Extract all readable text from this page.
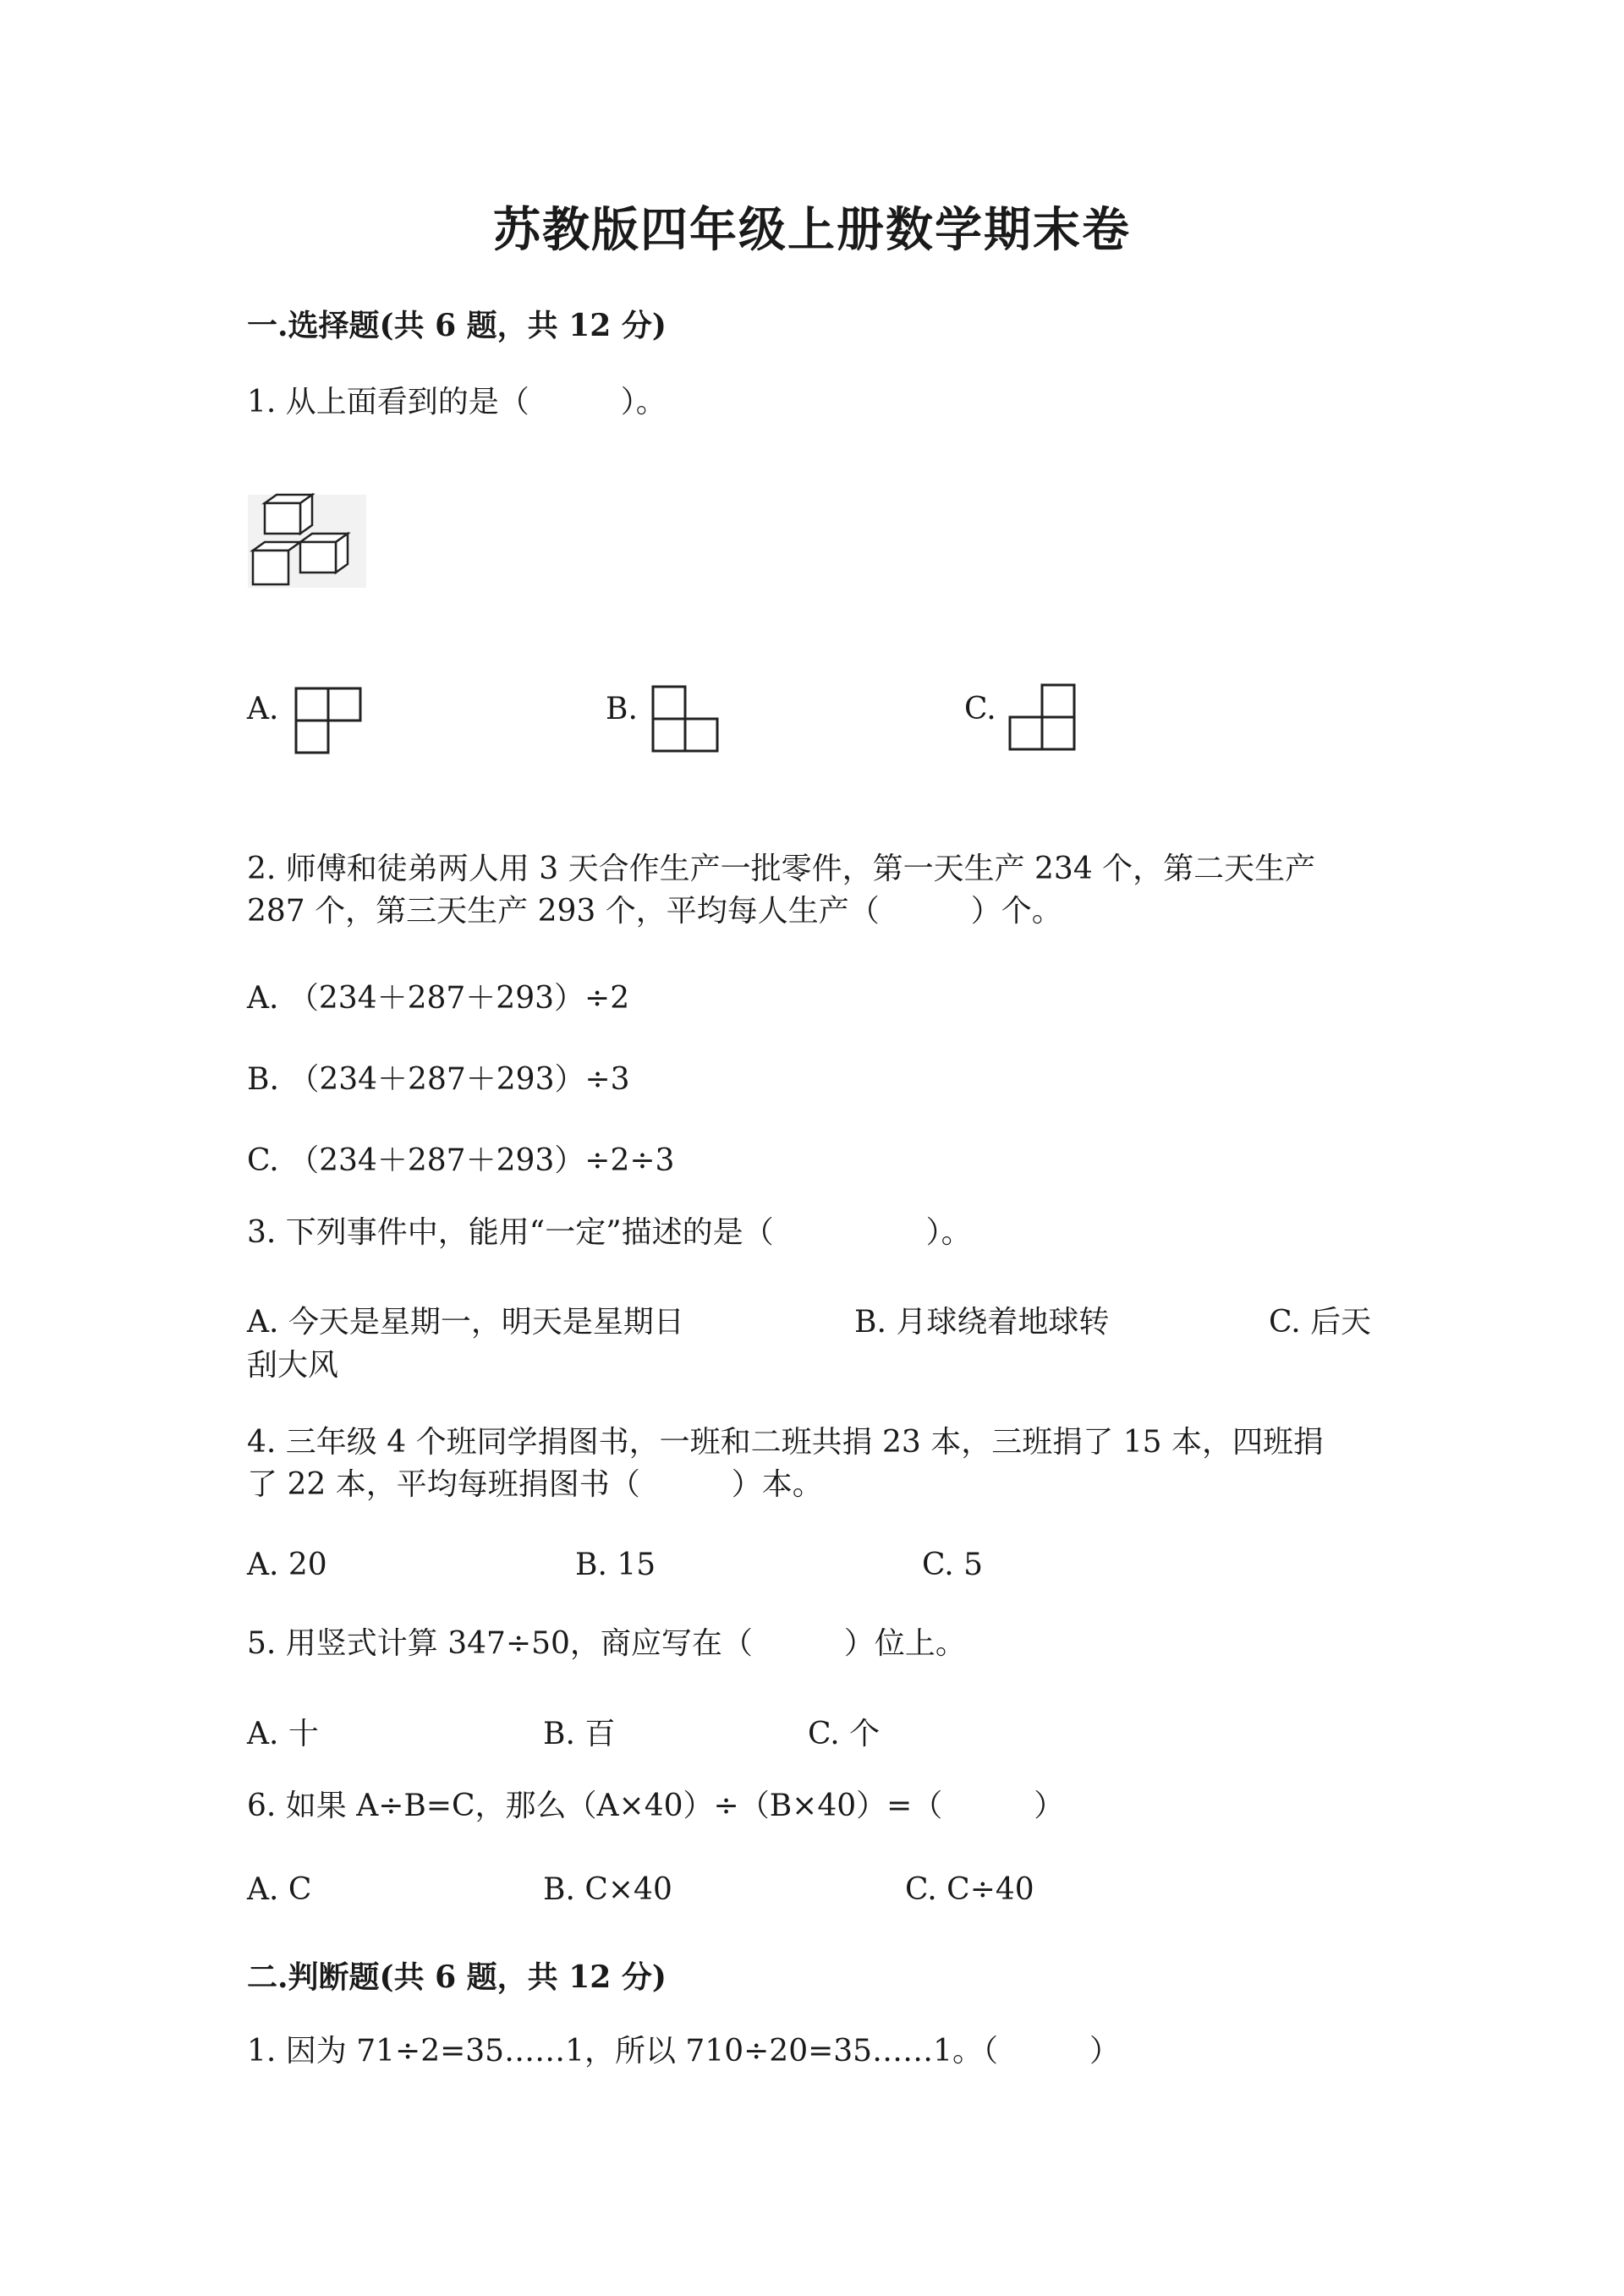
苏教版四年级上册数学期末卷
一.选择题(共 6 题，共 12 分)
1. 从上面看到的是（　　　）。
A.	B.	C.
2. 师傅和徒弟两人用 3 天合作生产一批零件，第一天生产 234 个，第二天生产
287 个，第三天生产 293 个，平均每人生产（　　　）个。
A. （234＋287＋293）÷2
B. （234＋287＋293）÷3
C. （234＋287＋293）÷2÷3
3. 下列事件中，能用“一定”描述的是（　　　　　）。
A. 今天是星期一，明天是星期日	B. 月球绕着地球转	C. 后天
刮大风
4. 三年级 4 个班同学捐图书，一班和二班共捐 23 本，三班捐了 15 本，四班捐
了 22 本，平均每班捐图书（　　　）本。
A. 20	B. 15	C. 5
5. 用竖式计算 347÷50，商应写在（　　　）位上。
A. 十	B. 百	C. 个
6. 如果 A÷B=C，那么（A×40）÷（B×40）=（　　　）
A. C	B. C×40	C. C÷40
二.判断题(共 6 题，共 12 分)
1. 因为 71÷2=35……1，所以 710÷20=35……1。（　　　）
